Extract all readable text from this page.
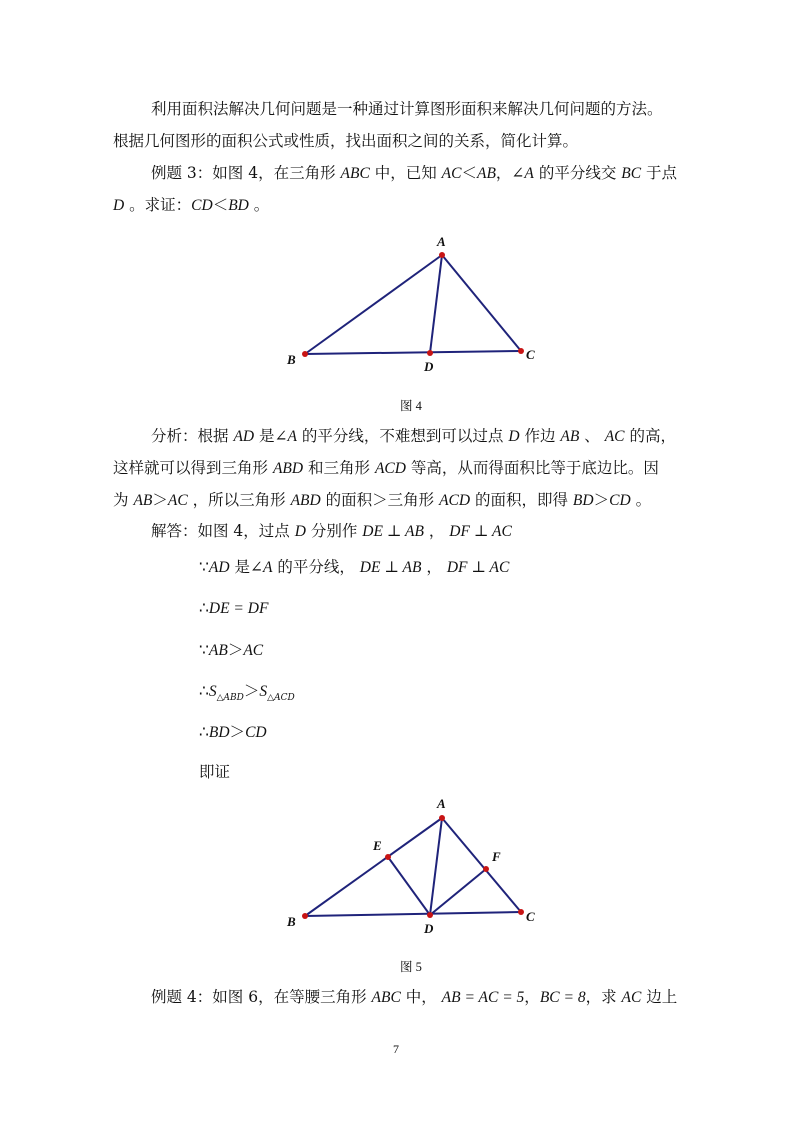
利用面积法解决几何问题是一种通过计算图形面积来解决几何问题的方法。
根据几何图形的面积公式或性质，找出面积之间的关系，简化计算。
例题 3：如图 4，在三角形 ABC 中，已知 AC＜AB，∠A 的平分线交 BC 于点
D 。求证：CD＜BD 。
A
B	C
D
图 4
分析：根据 AD 是∠A 的平分线，不难想到可以过点 D 作边 AB 、 AC 的高，
这样就可以得到三角形 ABD 和三角形 ACD 等高，从而得面积比等于底边比。因
为 AB＞AC ，所以三角形 ABD 的面积＞三角形 ACD 的面积，即得 BD＞CD 。
解答：如图 4，过点 D 分别作 DE ⊥ AB ， DF ⊥ AC
∵AD 是∠A 的平分线， DE ⊥ AB ， DF ⊥ AC
∴DE = DF
∵AB＞AC
$\therefore S_{\triangle ABD}>S_{\triangle ACD}$
∴BD＞CD
即证
A
B	C
D
E
F
图 5
例题 4：如图 6，在等腰三角形 ABC 中， AB = AC = 5，BC = 8，求 AC 边上
7
